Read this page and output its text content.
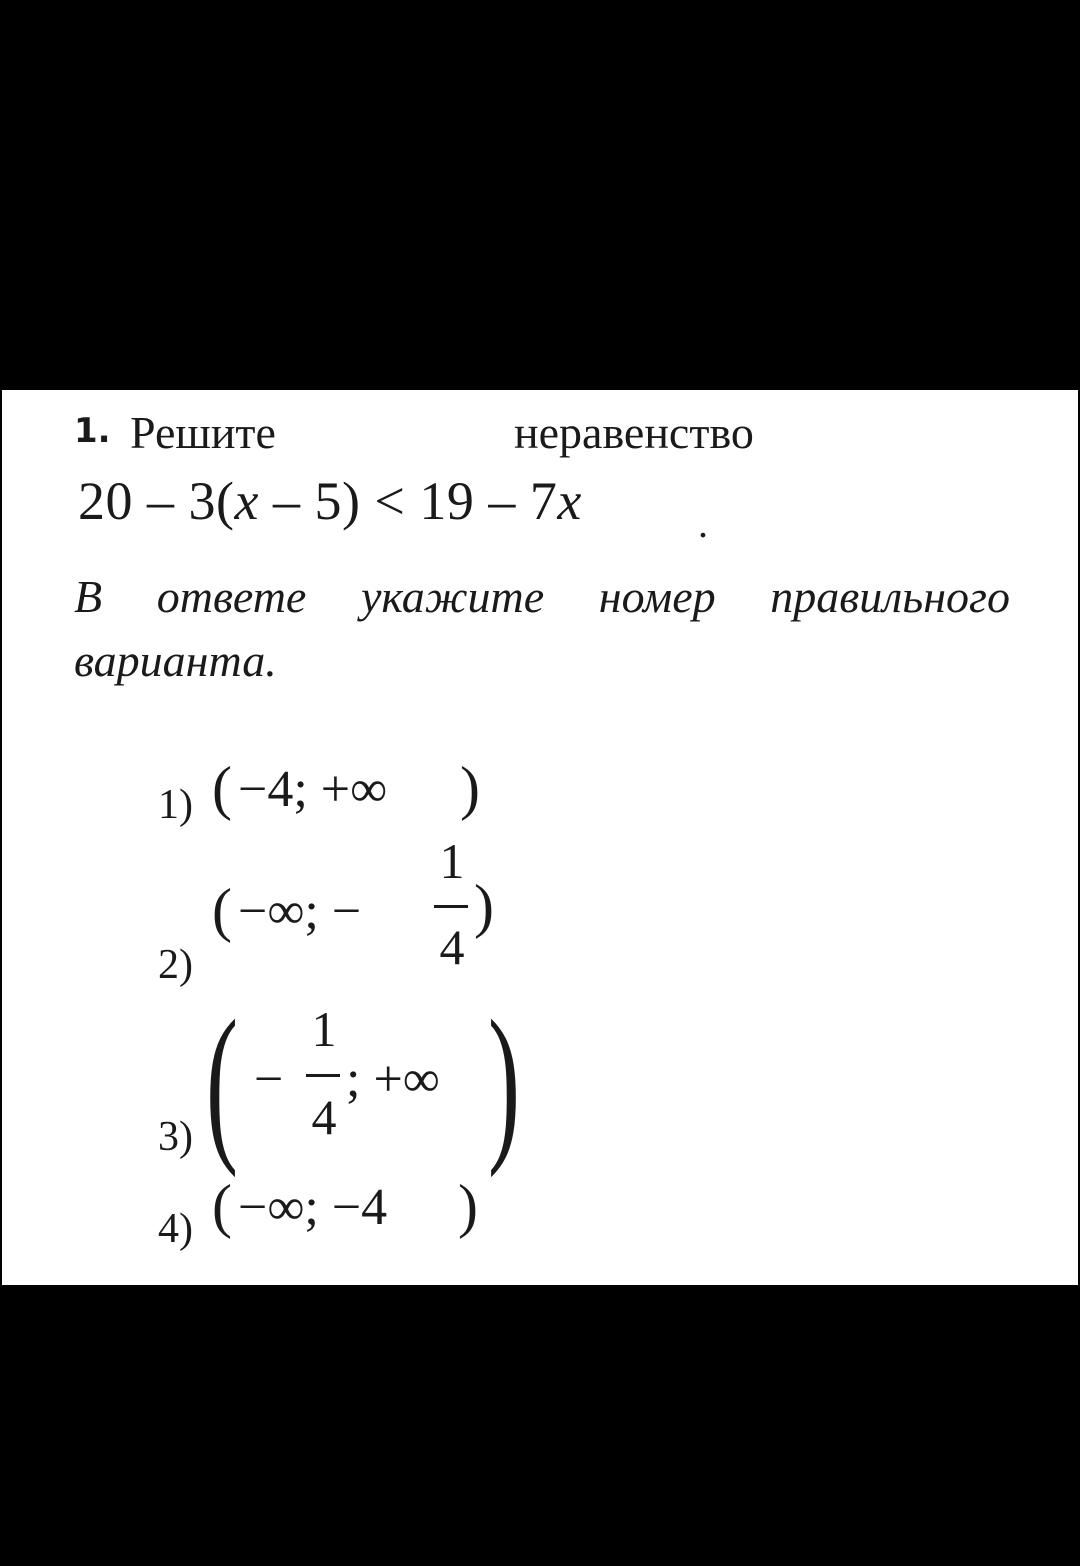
1. Решите	неравенство
20 – 3(x – 5) < 19 – 7x	.
В ответе укажите номер правильного
варианта.
1) ( −4; +∞ )
2)
( −∞; −
1
4
)
3) ( −
1
4
; +∞ )
4) ( −∞; −4 )
